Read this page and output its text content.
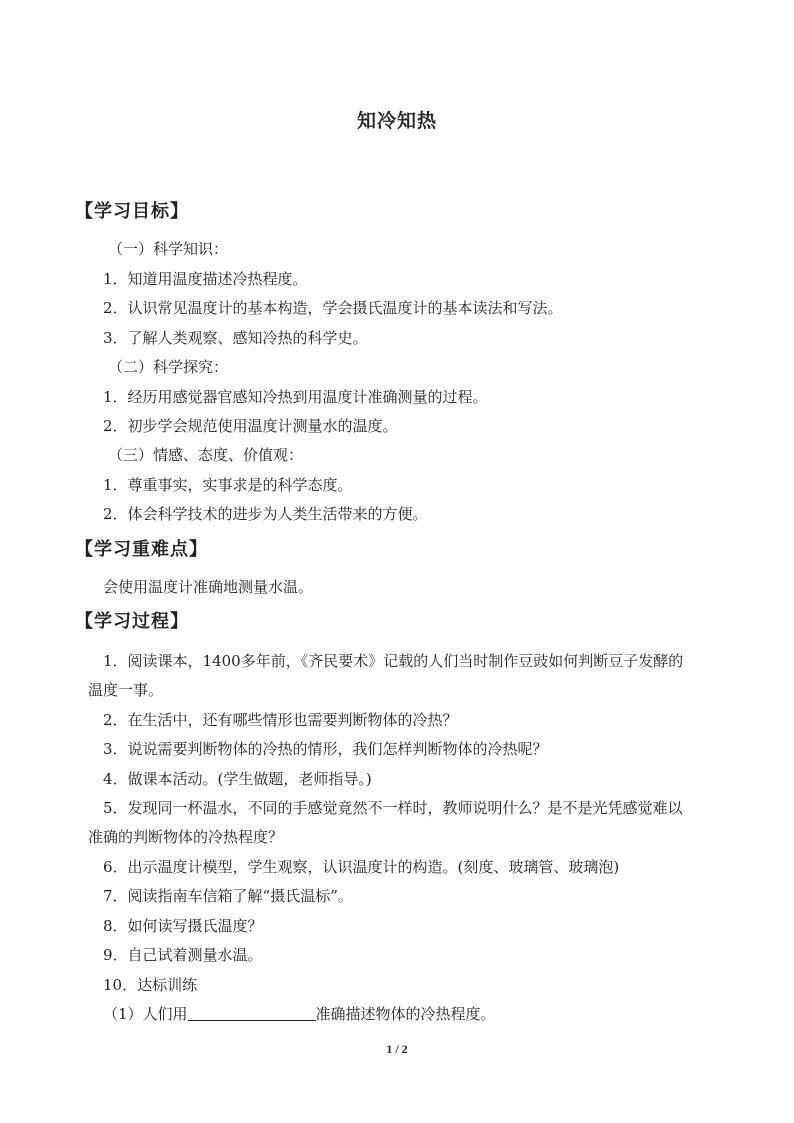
知冷知热
【学习目标】
（一）科学知识：
1．知道用温度描述冷热程度。
2．认识常见温度计的基本构造，学会摄氏温度计的基本读法和写法。
3．了解人类观察、感知冷热的科学史。
（二）科学探究：
1．经历用感觉器官感知冷热到用温度计准确测量的过程。
2．初步学会规范使用温度计测量水的温度。
（三）情感、态度、价值观：
1．尊重事实，实事求是的科学态度。
2．体会科学技术的进步为人类生活带来的方便。
【学习重难点】
会使用温度计准确地测量水温。
【学习过程】
1．阅读课本，1400多年前，《齐民要术》记载的人们当时制作豆豉如何判断豆子发酵的
温度一事。
2．在生活中，还有哪些情形也需要判断物体的冷热？
3．说说需要判断物体的冷热的情形，我们怎样判断物体的冷热呢？
4．做课本活动。(学生做题，老师指导。)
5．发现同一杯温水，不同的手感觉竟然不一样时，教师说明什么？是不是光凭感觉难以
准确的判断物体的冷热程度？
6．出示温度计模型，学生观察，认识温度计的构造。(刻度、玻璃管、玻璃泡)
7．阅读指南车信箱了解“摄氏温标”。
8．如何读写摄氏温度？
9．自己试着测量水温。
10．达标训练
（1）人们用	准确描述物体的冷热程度。
1 / 2
